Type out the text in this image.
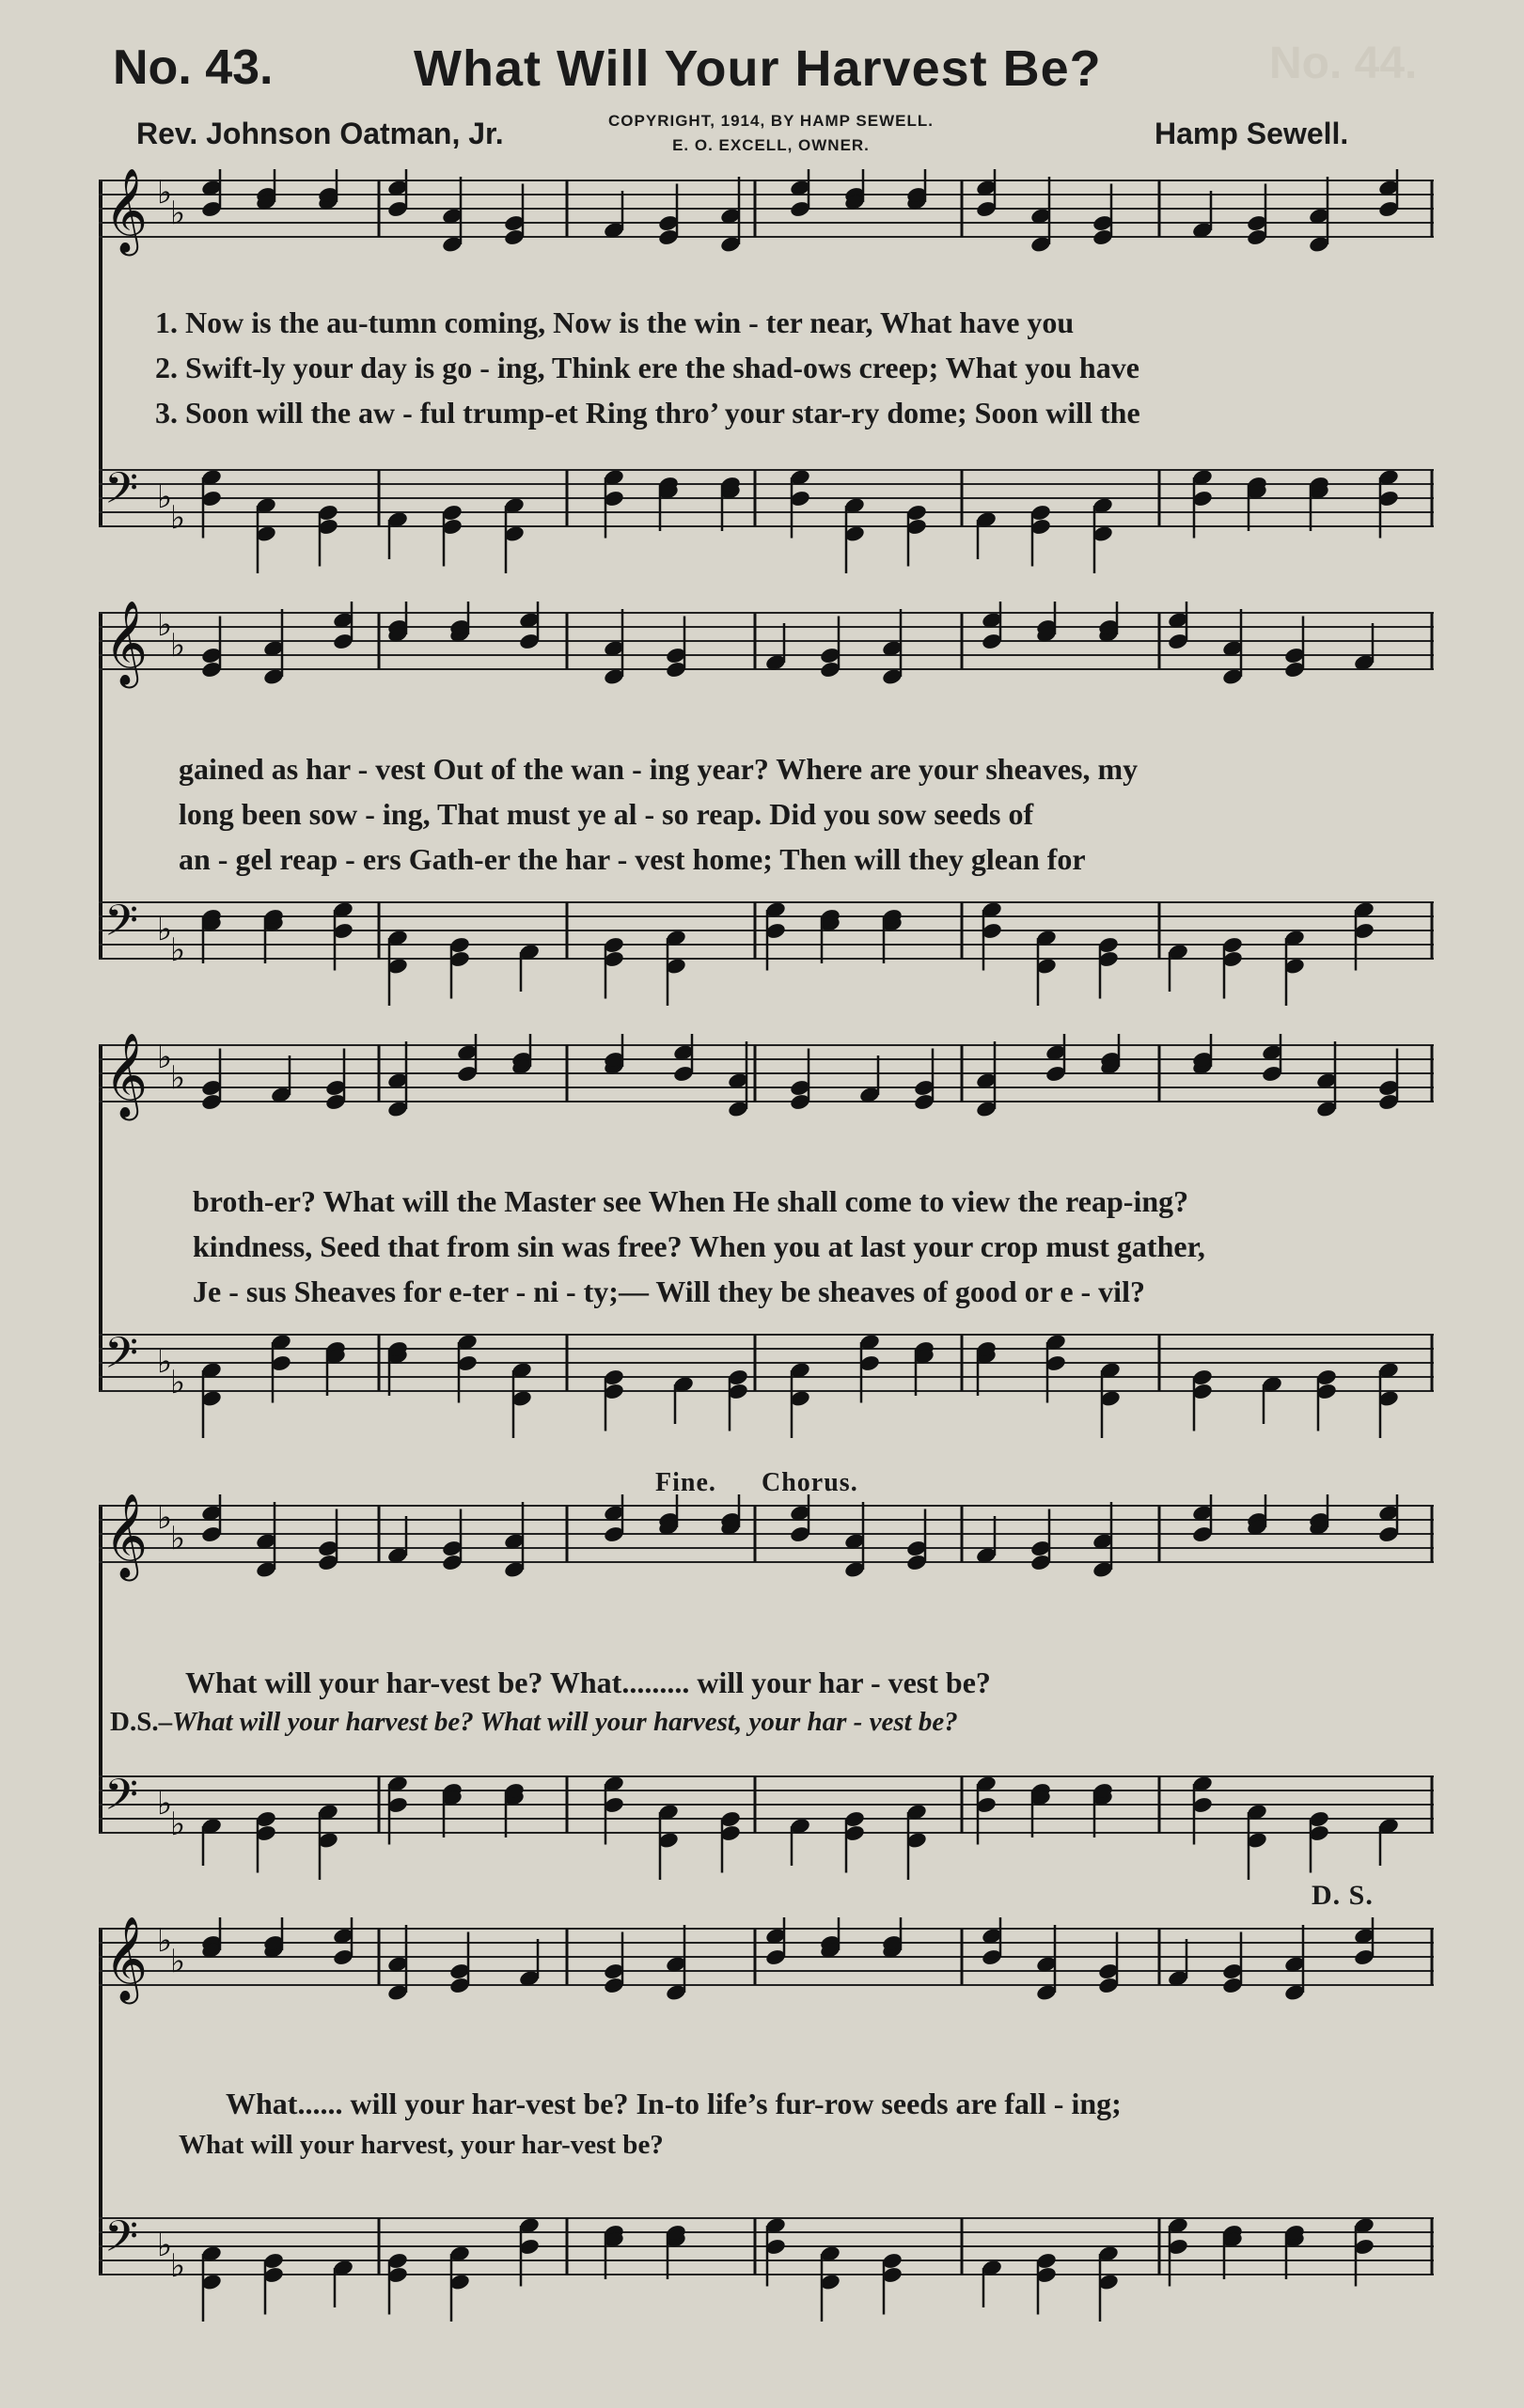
No. 43.	What Will Your Harvest Be?
Rev. Johnson Oatman, Jr.	COPYRIGHT, 1914, BY HAMP SEWELL.
E. O. EXCELL, OWNER.	Hamp Sewell.
No. 44.
𝄞 ♭
♭
𝄢 ♭
♭
1. Now is the au-tumn coming, Now is the win - ter near, What have you
2. Swift-ly your day is go - ing, Think ere the shad-ows creep; What you have
3. Soon will the aw - ful trump-et Ring thro’ your star-ry dome; Soon will the
𝄞 ♭
♭
𝄢 ♭
♭
gained as har - vest Out of the wan - ing year? Where are your sheaves, my
long been sow - ing, That must ye al - so reap. Did you sow seeds of
an - gel reap - ers Gath-er the har - vest home; Then will they glean for
𝄞 ♭
♭
𝄢 ♭
♭
broth-er? What will the Master see When He shall come to view the reap-ing?
kindness, Seed that from sin was free? When you at last your crop must gather,
Je - sus Sheaves for e-ter - ni - ty;— Will they be sheaves of good or e - vil?
Fine. Chorus.
𝄞 ♭
♭
𝄢 ♭
♭
What will your har-vest be? What......... will your har - vest be?
D.S.–What will your harvest be? What will your harvest, your har - vest be?
D. S.
𝄞 ♭
♭
𝄢 ♭
♭
What...... will your har-vest be? In-to life’s fur-row seeds are fall - ing;
What will your harvest, your har-vest be?
